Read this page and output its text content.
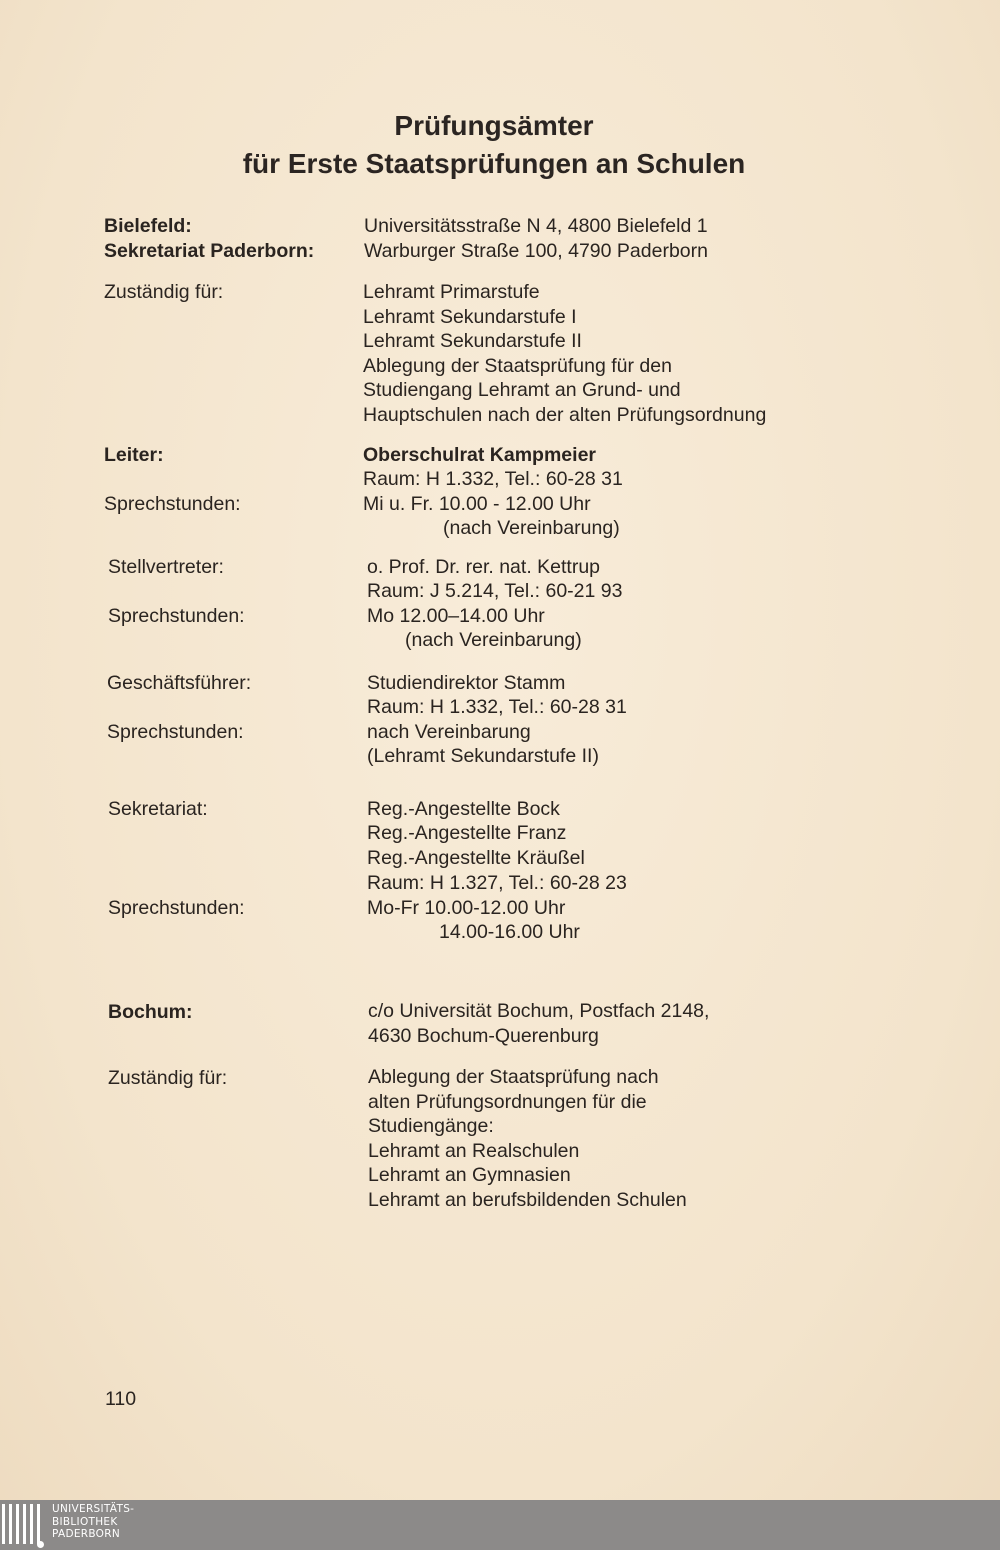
Prüfungsämter
für Erste Staatsprüfungen an Schulen
Bielefeld:	Universitätsstraße N 4, 4800 Bielefeld 1
Sekretariat Paderborn:	Warburger Straße 100, 4790 Paderborn
Zuständig für:	Lehramt Primarstufe
Lehramt Sekundarstufe I
Lehramt Sekundarstufe II
Ablegung der Staatsprüfung für den
Studiengang Lehramt an Grund- und
Hauptschulen nach der alten Prüfungsordnung
Leiter:	Oberschulrat Kampmeier
Raum: H 1.332, Tel.: 60-28 31
Sprechstunden:	Mi u. Fr. 10.00 - 12.00 Uhr
(nach Vereinbarung)
Stellvertreter:	o. Prof. Dr. rer. nat. Kettrup
Raum: J 5.214, Tel.: 60-21 93
Sprechstunden:	Mo 12.00–14.00 Uhr
(nach Vereinbarung)
Geschäftsführer:	Studiendirektor Stamm
Raum: H 1.332, Tel.: 60-28 31
Sprechstunden:	nach Vereinbarung
(Lehramt Sekundarstufe II)
Sekretariat:	Reg.-Angestellte Bock
Reg.-Angestellte Franz
Reg.-Angestellte Kräußel
Raum: H 1.327, Tel.: 60-28 23
Sprechstunden:	Mo-Fr 10.00-12.00 Uhr
14.00-16.00 Uhr
Bochum:	c/o Universität Bochum, Postfach 2148,
4630 Bochum-Querenburg
Zuständig für:	Ablegung der Staatsprüfung nach
alten Prüfungsordnungen für die
Studiengänge:
Lehramt an Realschulen
Lehramt an Gymnasien
Lehramt an berufsbildenden Schulen
110
UNIVERSITÄTS-
BIBLIOTHEK
PADERBORN
